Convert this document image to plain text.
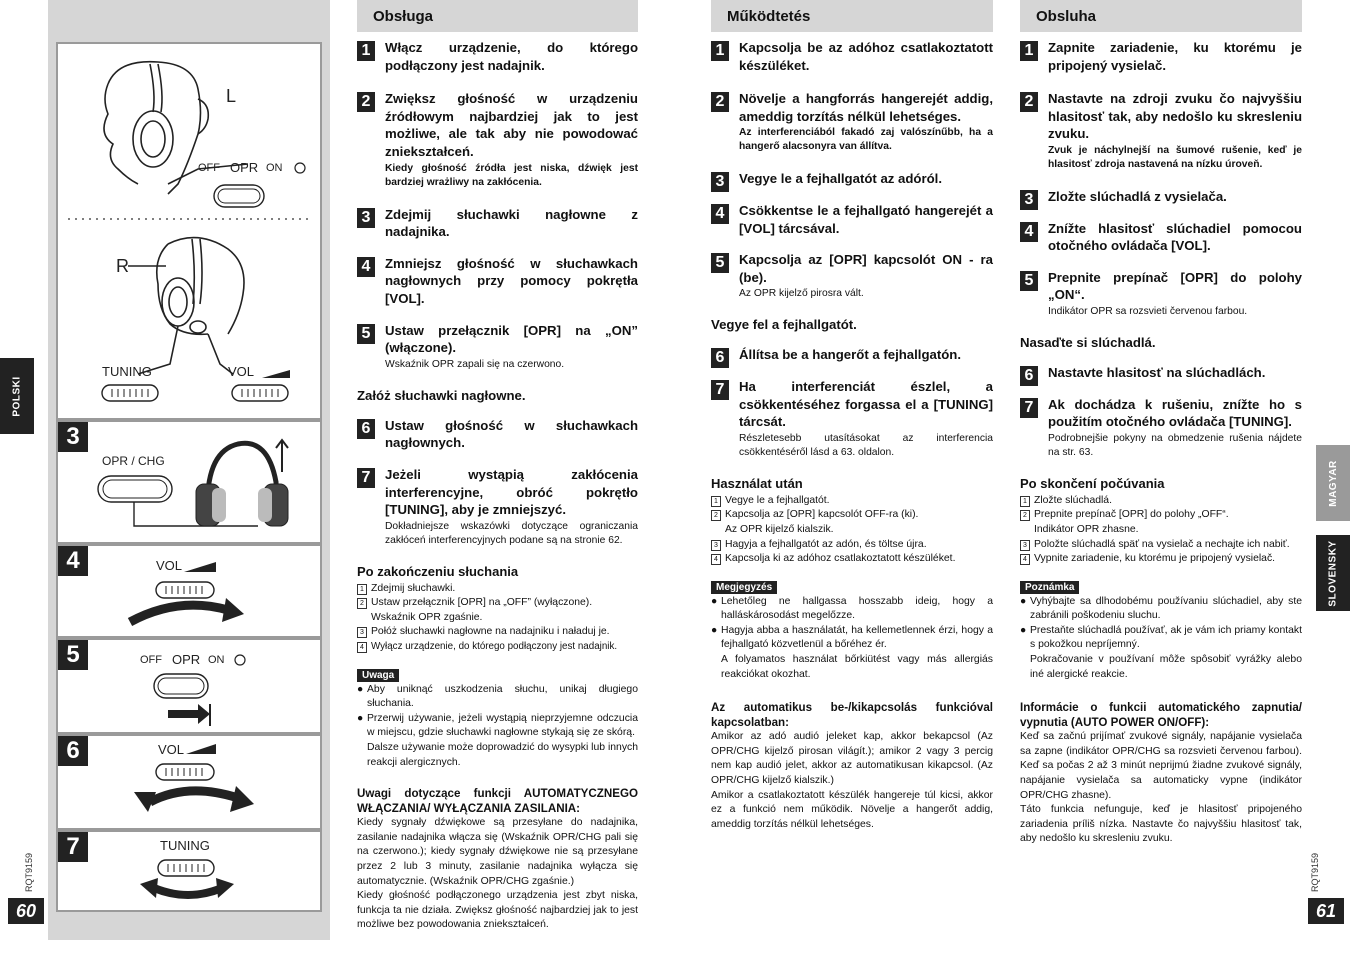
POLSKI
RQT9159
60
L
OFF OPR ON
R
TUNING	VOL
3
OPR / CHG
4	VOL
5	OFF OPR ON
6	VOL
7	TUNING
Obsługa
1	Włącz urządzenie, do którego podłączony jest nadajnik.
2	Zwiększ głośność w urządzeniu źródłowym najbardziej jak to jest możliwe, ale tak aby nie powodować zniekształceń.
Kiedy głośność źródła jest niska, dźwięk jest bardziej wrażliwy na zakłócenia.
3	Zdejmij słuchawki nagłowne z nadajnika.
4	Zmniejsz głośność w słuchawkach nagłownych przy pomocy pokrętła [VOL].
5	Ustaw przełącznik [OPR] na „ON” (włączone).
Wskaźnik OPR zapali się na czerwono.
Załóż słuchawki nagłowne.
6	Ustaw głośność w słuchawkach nagłownych.
7	Jeżeli wystąpią zakłócenia interferencyjne, obróć pokrętło [TUNING], aby je zmniejszyć.
Dokładniejsze wskazówki dotyczące ograniczania zakłóceń interferencyjnych podane są na stronie 62.
Po zakończeniu słuchania
1 Zdejmij słuchawki.
2 Ustaw przełącznik [OPR] na „OFF” (wyłączone).
Wskaźnik OPR zgaśnie.
3 Połóż słuchawki nagłowne na nadajniku i naładuj je.
4 Wyłącz urządzenie, do którego podłączony jest nadajnik.
Uwaga
● Aby uniknąć uszkodzenia słuchu, unikaj długiego słuchania.
● Przerwij używanie, jeżeli wystąpią nieprzyjemne odczucia w miejscu, gdzie słuchawki nagłowne stykają się ze skórą.
Dalsze używanie może doprowadzić do wysypki lub innych reakcji alergicznych.
Uwagi dotyczące funkcji AUTOMATYCZNEGO WŁĄCZANIA/ WYŁĄCZANIA ZASILANIA:
Kiedy sygnały dźwiękowe są przesyłane do nadajnika, zasilanie nadajnika włącza się (Wskaźnik OPR/CHG pali się na czerwono.); kiedy sygnały dźwiękowe nie są przesyłane przez 2 lub 3 minuty, zasilanie nadajnika wyłącza się automatycznie. (Wskaźnik OPR/CHG zgaśnie.)
Kiedy głośność podłączonego urządzenia jest zbyt niska, funkcja ta nie działa. Zwiększ głośność najbardziej jak to jest możliwe bez powodowania zniekształceń.
Működtetés
1	Kapcsolja be az adóhoz csatlakoztatott készüléket.
2	Növelje a hangforrás hangerejét addig, ameddig torzítás nélkül lehetséges.
Az interferenciából fakadó zaj valószínűbb, ha a hangerő alacsonyra van állítva.
3	Vegye le a fejhallgatót az adóról.
4	Csökkentse le a fejhallgató hangerejét a [VOL] tárcsával.
5	Kapcsolja az [OPR] kapcsolót ON - ra (be).
Az OPR kijelző pirosra vált.
Vegye fel a fejhallgatót.
6	Állítsa be a hangerőt a fejhallgatón.
7	Ha interferenciát észlel, a csökkentéséhez forgassa el a [TUNING] tárcsát.
Részletesebb utasításokat az interferencia csökkentéséről lásd a 63. oldalon.
Használat után
1 Vegye le a fejhallgatót.
2 Kapcsolja az [OPR] kapcsolót OFF-ra (ki).
Az OPR kijelző kialszik.
3 Hagyja a fejhallgatót az adón, és töltse újra.
4 Kapcsolja ki az adóhoz csatlakoztatott készüléket.
Megjegyzés
● Lehetőleg ne hallgassa hosszabb ideig, hogy a halláskárosodást megelőzze.
● Hagyja abba a használatát, ha kellemetlennek érzi, hogy a fejhallgató közvetlenül a bőréhez ér.
A folyamatos használat bőrkiütést vagy más allergiás reakciókat okozhat.
Az automatikus be-/kikapcsolás funkcióval kapcsolatban:
Amikor az adó audió jeleket kap, akkor bekapcsol (Az OPR/CHG kijelző pirosan világít.); amikor 2 vagy 3 percig nem kap audió jelet, akkor az automatikusan kikapcsol. (Az OPR/CHG kijelző kialszik.)
Amikor a csatlakoztatott készülék hangereje túl kicsi, akkor ez a funkció nem működik. Növelje a hangerőt addig, ameddig torzítás nélkül lehetséges.
Obsluha
1	Zapnite zariadenie, ku ktorému je pripojený vysielač.
2	Nastavte na zdroji zvuku čo najvyššiu hlasitosť tak, aby nedošlo ku skresleniu zvuku.
Zvuk je náchylnejší na šumové rušenie, keď je hlasitosť zdroja nastavená na nízku úroveň.
3	Zložte slúchadlá z vysielača.
4	Znížte hlasitosť slúchadiel pomocou otočného ovládača [VOL].
5	Prepnite prepínač [OPR] do polohy „ON“.
Indikátor OPR sa rozsvieti červenou farbou.
Nasaďte si slúchadlá.
6	Nastavte hlasitosť na slúchadlách.
7	Ak dochádza k rušeniu, znížte ho s použitím otočného ovládača [TUNING].
Podrobnejšie pokyny na obmedzenie rušenia nájdete na str. 63.
Po skončení počúvania
1 Zložte slúchadlá.
2 Prepnite prepínač [OPR] do polohy „OFF“.
Indikátor OPR zhasne.
3 Položte slúchadlá späť na vysielač a nechajte ich nabiť.
4 Vypnite zariadenie, ku ktorému je pripojený vysielač.
Poznámka
● Vyhýbajte sa dlhodobému používaniu slúchadiel, aby ste zabránili poškodeniu sluchu.
● Prestaňte slúchadlá používať, ak je vám ich priamy kontakt s pokožkou nepríjemný.
Pokračovanie v používaní môže spôsobiť vyrážky alebo iné alergické reakcie.
Informácie o funkcii automatického zapnutia/ vypnutia (AUTO POWER ON/OFF):
Keď sa začnú prijímať zvukové signály, napájanie vysielača sa zapne (indikátor OPR/CHG sa rozsvieti červenou farbou). Keď sa počas 2 až 3 minút neprijmú žiadne zvukové signály, napájanie vysielača sa automaticky vypne (indikátor OPR/CHG zhasne).
Táto funkcia nefunguje, keď je hlasitosť pripojeného zariadenia príliš nízka. Nastavte čo najvyššiu hlasitosť tak, aby nedošlo ku skresleniu zvuku.
MAGYAR
SLOVENSKY
RQT9159
61
